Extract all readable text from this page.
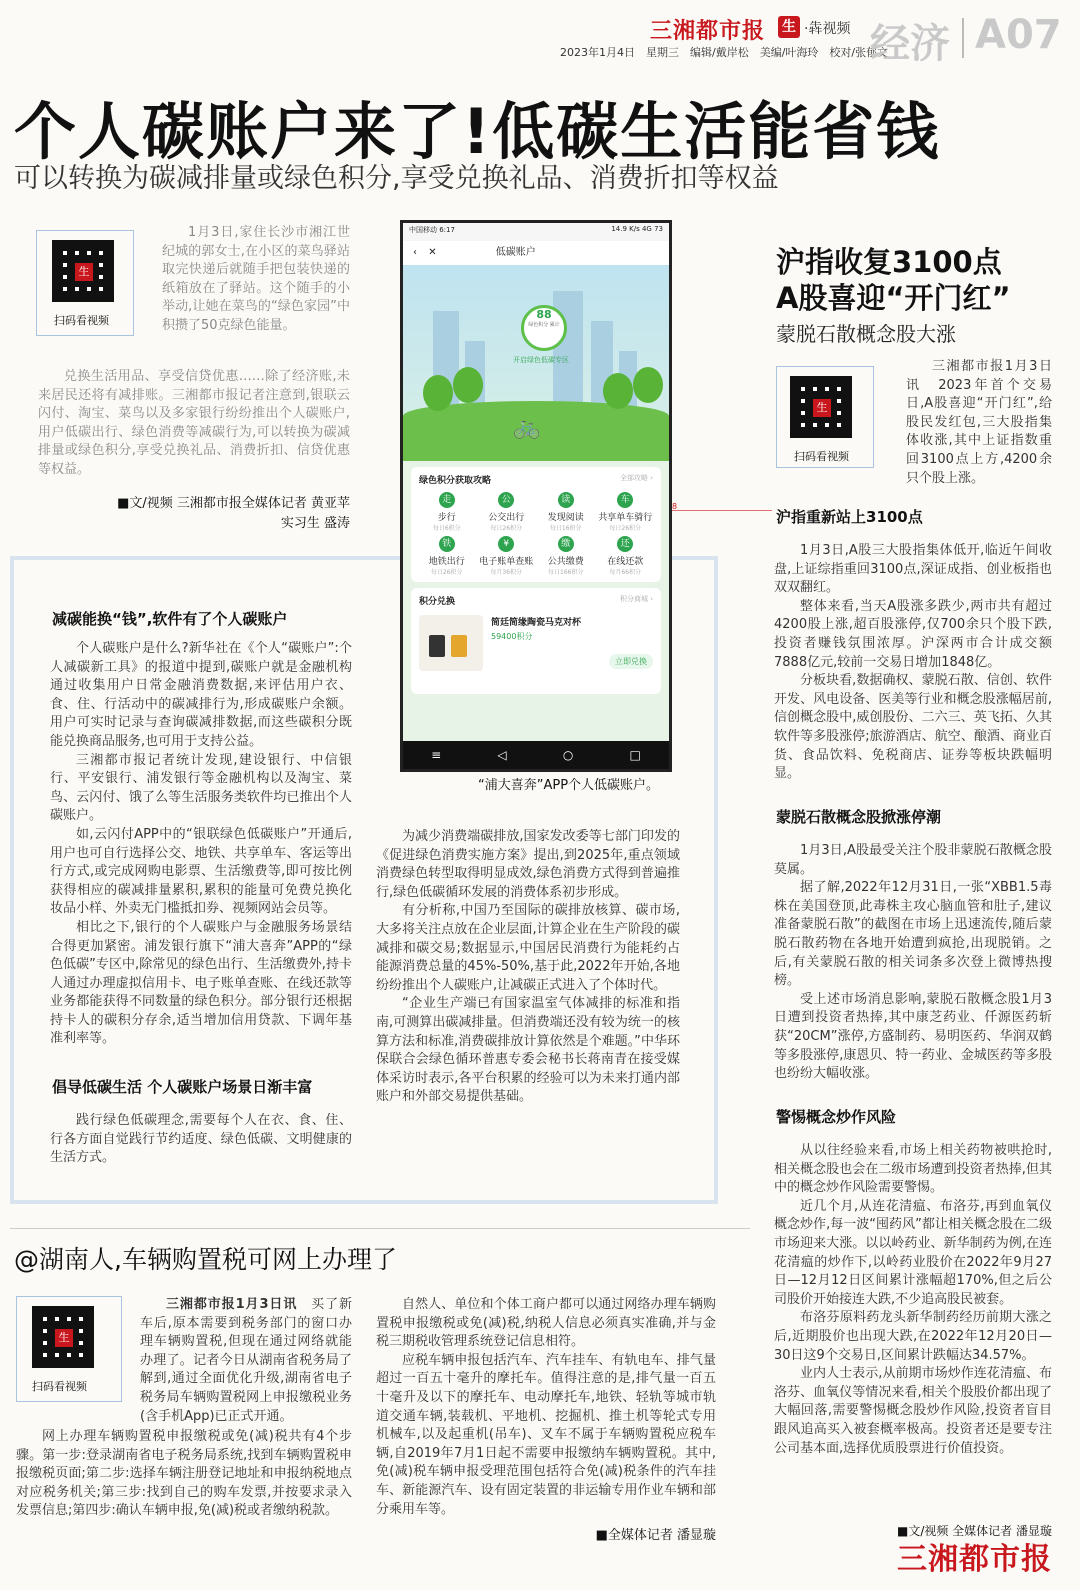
三湘都市报 生 ·犇视频
2023年1月4日　星期三　编辑/戴岸松　美编/叶海玲　校对/张郁文
经济 A07
个人碳账户来了!低碳生活能省钱
可以转换为碳减排量或绿色积分,享受兑换礼品、消费折扣等权益
生
扫码看视频

1月3日,家住长沙市湘江世纪城的郭女士,在小区的菜鸟驿站取完快递后就随手把包装快递的纸箱放在了驿站。这个随手的小举动,让她在菜鸟的“绿色家园”中积攒了50克绿色能量。

兑换生活用品、享受信贷优惠……除了经济账,未来居民还将有减排账。三湘都市报记者注意到,银联云闪付、淘宝、菜鸟以及多家银行纷纷推出个人碳账户,用户低碳出行、绿色消费等减碳行为,可以转换为碳减排量或绿色积分,享受兑换礼品、消费折扣、信贷优惠等权益。

■文/视频 三湘都市报全媒体记者 黄亚苹
实习生 盛涛
8
减碳能换“钱”,软件有了个人碳账户

个人碳账户是什么?新华社在《个人“碳账户”:个人减碳新工具》的报道中提到,碳账户就是金融机构通过收集用户日常金融消费数据,来评估用户衣、食、住、行活动中的碳减排行为,形成碳账户余额。用户可实时记录与查询碳减排数据,而这些碳积分既能兑换商品服务,也可用于支持公益。

三湘都市报记者统计发现,建设银行、中信银行、平安银行、浦发银行等金融机构以及淘宝、菜鸟、云闪付、饿了么等生活服务类软件均已推出个人碳账户。

如,云闪付APP中的“银联绿色低碳账户”开通后,用户也可自行选择公交、地铁、共享单车、客运等出行方式,或完成网购电影票、生活缴费等,即可按比例获得相应的碳减排量累积,累积的能量可免费兑换化妆品小样、外卖无门槛抵扣券、视频网站会员等。

相比之下,银行的个人碳账户与金融服务场景结合得更加紧密。浦发银行旗下“浦大喜奔”APP的“绿色低碳”专区中,除常见的绿色出行、生活缴费外,持卡人通过办理虚拟信用卡、电子账单查账、在线还款等业务都能获得不同数量的绿色积分。部分银行还根据持卡人的碳积分存余,适当增加信用贷款、下调年基准利率等。

倡导低碳生活 个人碳账户场景日渐丰富

践行绿色低碳理念,需要每个人在衣、食、住、行各方面自觉践行节约适度、绿色低碳、文明健康的生活方式。

为减少消费端碳排放,国家发改委等七部门印发的《促进绿色消费实施方案》提出,到2025年,重点领域消费绿色转型取得明显成效,绿色消费方式得到普遍推行,绿色低碳循环发展的消费体系初步形成。

有分析称,中国乃至国际的碳排放核算、碳市场,大多将关注点放在企业层面,计算企业在生产阶段的碳减排和碳交易;数据显示,中国居民消费行为能耗约占能源消费总量的45%-50%,基于此,2022年开始,各地纷纷推出个人碳账户,让减碳正式进入了个体时代。

“企业生产端已有国家温室气体减排的标准和指南,可测算出碳减排量。但消费端还没有较为统一的核算方法和标准,消费碳排放计算依然是个难题。”中华环保联合会绿色循环普惠专委会秘书长蒋南青在接受媒体采访时表示,各平台积累的经验可以为未来打通内部账户和外部交易提供基础。

中国移动 6:17	14.9 K/s 4G 73
‹ ✕	低碳账户
88
绿色积分 累计
开启绿色低碳专区
🚲
绿色积分获取攻略	全部攻略 ›
走
步行
每日6积分
公
公交出行
每日26积分
读
发现阅读
每日16积分
车
共享单车骑行
每日26积分
铁
地铁出行
每日26积分
¥
电子账单查账
每月36积分
缴
公共缴费
每日166积分
还
在线还款
每月66积分
积分兑换	积分商城 ›
简廷简缘陶瓷马克对杯
59400积分
立即兑换
≡	◁	○	□
“浦大喜奔”APP个人低碳账户。
沪指收复3100点
A股喜迎“开门红”
蒙脱石散概念股大涨
生
扫码看视频

三湘都市报1月3日讯　2023年首个交易日,A股喜迎“开门红”,给股民发红包,三大股指集体收涨,其中上证指数重回3100点上方,4200余只个股上涨。

沪指重新站上3100点

1月3日,A股三大股指集体低开,临近午间收盘,上证综指重回3100点,深证成指、创业板指也双双翻红。

整体来看,当天A股涨多跌少,两市共有超过4200股上涨,超百股涨停,仅700余只个股下跌,投资者赚钱氛围浓厚。沪深两市合计成交额7888亿元,较前一交易日增加1848亿。

分板块看,数据确权、蒙脱石散、信创、软件开发、风电设备、医美等行业和概念股涨幅居前,信创概念股中,威创股份、二六三、英飞拓、久其软件等多股涨停;旅游酒店、航空、酿酒、商业百货、食品饮料、免税商店、证券等板块跌幅明显。

蒙脱石散概念股掀涨停潮

1月3日,A股最受关注个股非蒙脱石散概念股莫属。

据了解,2022年12月31日,一张“XBB1.5毒株在美国登顶,此毒株主攻心脑血管和肚子,建议准备蒙脱石散”的截图在市场上迅速流传,随后蒙脱石散药物在各地开始遭到疯抢,出现脱销。之后,有关蒙脱石散的相关词条多次登上微博热搜榜。

受上述市场消息影响,蒙脱石散概念股1月3日遭到投资者热捧,其中康芝药业、仟源医药斩获“20CM”涨停,方盛制药、易明医药、华润双鹤等多股涨停,康恩贝、特一药业、金城医药等多股也纷纷大幅收涨。

警惕概念炒作风险

从以往经验来看,市场上相关药物被哄抢时,相关概念股也会在二级市场遭到投资者热捧,但其中的概念炒作风险需要警惕。

近几个月,从连花清瘟、布洛芬,再到血氧仪概念炒作,每一波“囤药风”都让相关概念股在二级市场迎来大涨。以以岭药业、新华制药为例,在连花清瘟的炒作下,以岭药业股价在2022年9月27日—12月12日区间累计涨幅超170%,但之后公司股价开始接连大跌,不少追高股民被套。

布洛芬原料药龙头新华制药经历前期大涨之后,近期股价也出现大跌,在2022年12月20日—30日这9个交易日,区间累计跌幅达34.57%。

业内人士表示,从前期市场炒作连花清瘟、布洛芬、血氧仪等情况来看,相关个股股价都出现了大幅回落,需要警惕概念股炒作风险,投资者盲目跟风追高买入被套概率极高。投资者还是要专注公司基本面,选择优质股票进行价值投资。

■文/视频 全媒体记者 潘显璇
@湖南人,车辆购置税可网上办理了
生
扫码看视频

三湘都市报1月3日讯　买了新车后,原本需要到税务部门的窗口办理车辆购置税,但现在通过网络就能办理了。记者今日从湖南省税务局了解到,通过全面优化升级,湖南省电子税务局车辆购置税网上申报缴税业务(含手机App)已正式开通。

网上办理车辆购置税申报缴税或免(减)税共有4个步骤。第一步:登录湖南省电子税务局系统,找到车辆购置税申报缴税页面;第二步:选择车辆注册登记地址和申报纳税地点对应税务机关;第三步:找到自己的购车发票,并按要求录入发票信息;第四步:确认车辆申报,免(减)税或者缴纳税款。

自然人、单位和个体工商户都可以通过网络办理车辆购置税申报缴税或免(减)税,纳税人信息必须真实准确,并与金税三期税收管理系统登记信息相符。

应税车辆申报包括汽车、汽车挂车、有轨电车、排气量超过一百五十毫升的摩托车。值得注意的是,排气量一百五十毫升及以下的摩托车、电动摩托车,地铁、轻轨等城市轨道交通车辆,装载机、平地机、挖掘机、推土机等轮式专用机械车,以及起重机(吊车)、叉车不属于车辆购置税应税车辆,自2019年7月1日起不需要申报缴纳车辆购置税。其中,免(减)税车辆申报受理范围包括符合免(减)税条件的汽车挂车、新能源汽车、设有固定装置的非运输专用作业车辆和部分乘用车等。

■全媒体记者 潘显璇
三湘都市报
